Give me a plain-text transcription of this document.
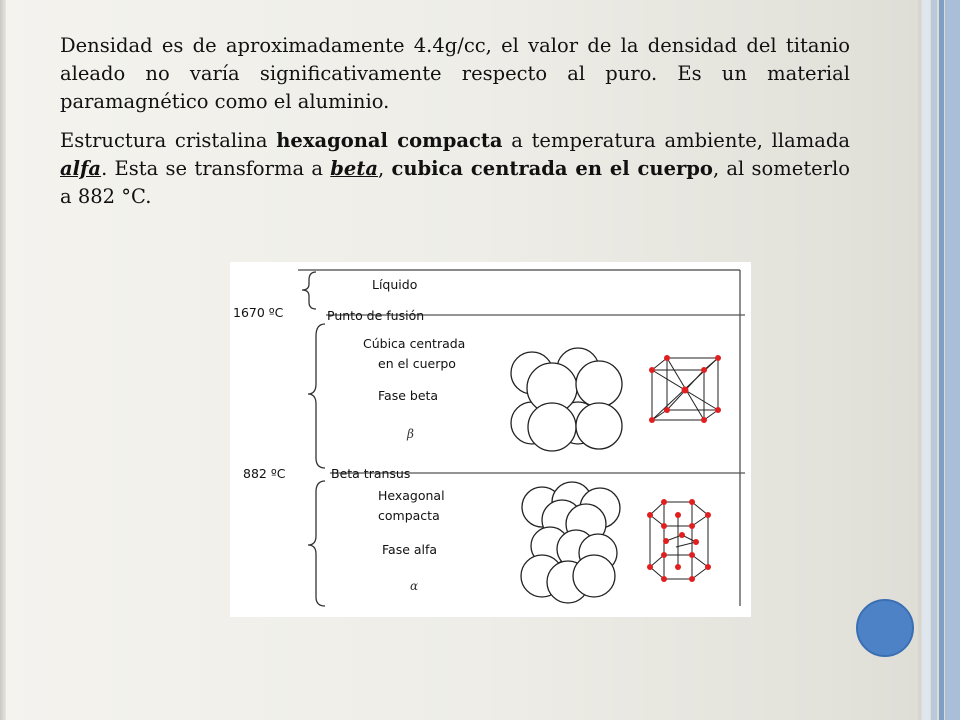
Densidad es de aproximadamente 4.4g/cc, el valor de la densidad del titanio aleado no varía significativamente respecto al puro. Es un material paramagnético como el aluminio.

Estructura cristalina hexagonal compacta a temperatura ambiente, llamada alfa. Esta se transforma a beta, cubica centrada en el cuerpo, al someterlo a 882 °C.

1670 ºC
882 ºC
Líquido
Punto de fusión
Cúbica centrada
en el cuerpo
Fase beta
β
Beta transus
Hexagonal
compacta
Fase alfa
α
